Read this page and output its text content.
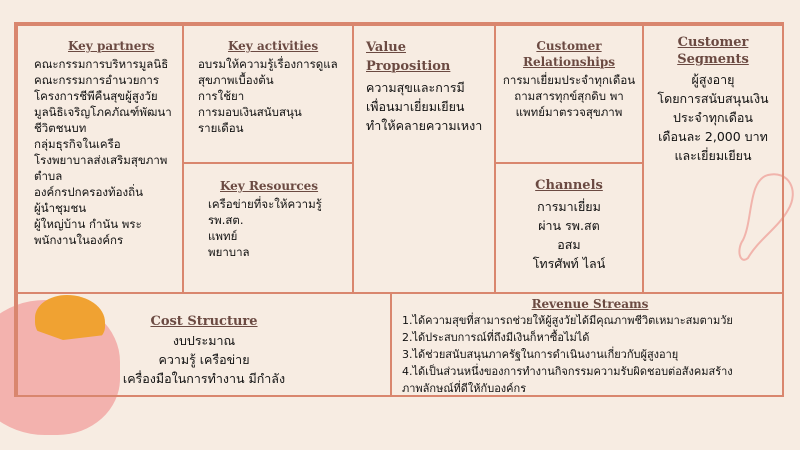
Key partners
คณะกรรมการบริหารมูลนิธิ
คณะกรรมการอำนวยการ
โครงการชีพีคืนสุขผู้สูงวัย
มูลนิธิเจริญโภคภัณฑ์พัฒนา
ชีวิตชนบท
กลุ่มธุรกิจในเครือ
โรงพยาบาลส่งเสริมสุขภาพ
ตำบล
องค์กรปกครองท้องถิ่น
ผู้นำชุมชน
ผู้ใหญ่บ้าน กำนัน พระ
พนักงานในองค์กร
Key activities
อบรมให้ความรู้เรื่องการดูแล
สุขภาพเบื้องต้น
การใช้ยา
การมอบเงินสนับสนุน
รายเดือน
Key Resources
เครือข่ายที่จะให้ความรู้
รพ.สต.
แพทย์
พยาบาล
Value Proposition
ความสุขและการมี
เพื่อนมาเยี่ยมเยียน
ทำให้คลายความเหงา
Customer
Relationships
การมาเยี่ยมประจำทุกเดือน
ถามสารทุกข์สุกดิบ พา
แพทย์มาตรวจสุขภาพ
Channels
การมาเยี่ยม
ผ่าน รพ.สต
อสม
โทรศัพท์ ไลน์
Customer
Segments
ผู้สูงอายุ
โดยการสนับสนุนเงิน
ประจำทุกเดือน
เดือนละ 2,000 บาท
และเยี่ยมเยียน
Cost Structure
งบประมาณ
ความรู้ เครือข่าย
เครื่องมือในการทำงาน มีกำลัง
Revenue Streams
1.ได้ความสุขที่สามารถช่วยให้ผู้สูงวัยได้มีคุณภาพชีวิตเหมาะสมตามวัย
2.ได้ประสบการณ์ที่ถึงมีเงินก็หาซื้อไม่ได้
3.ได้ช่วยสนับสนุนภาครัฐในการดำเนินงานเกี่ยวกับผู้สูงอายุ
4.ได้เป็นส่วนหนึ่งของการทำงานกิจกรรมความรับผิดชอบต่อสังคมสร้าง
ภาพลักษณ์ที่ดีให้กับองค์กร
